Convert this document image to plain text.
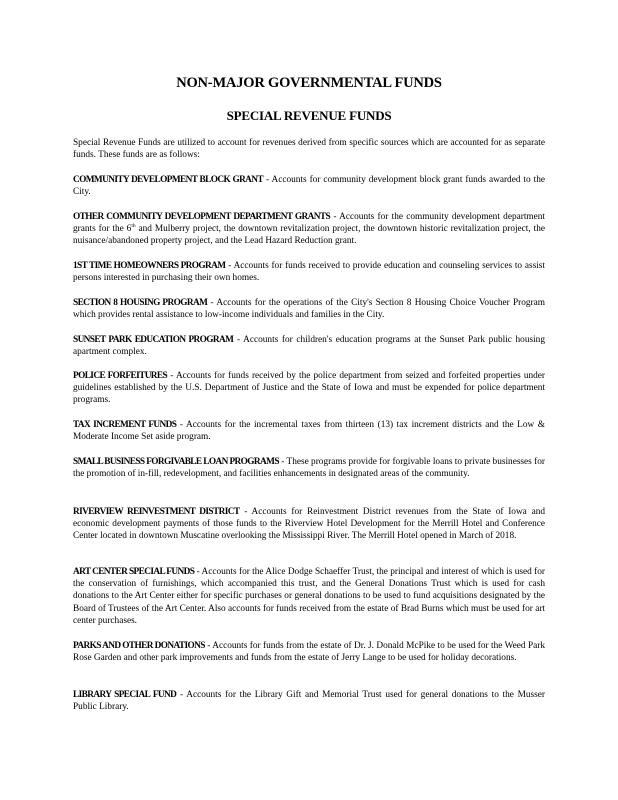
NON-MAJOR GOVERNMENTAL FUNDS
SPECIAL REVENUE FUNDS

Special Revenue Funds are utilized to account for revenues derived from specific sources which are accounted for as separate funds. These funds are as follows:

COMMUNITY DEVELOPMENT BLOCK GRANT - Accounts for community development block grant funds awarded to the City.

OTHER COMMUNITY DEVELOPMENT DEPARTMENT GRANTS - Accounts for the community development department grants for the 6th and Mulberry project, the downtown revitalization project, the downtown historic revitalization project, the nuisance/abandoned property project, and the Lead Hazard Reduction grant.

1ST TIME HOMEOWNERS PROGRAM - Accounts for funds received to provide education and counseling services to assist persons interested in purchasing their own homes.

SECTION 8 HOUSING PROGRAM - Accounts for the operations of the City's Section 8 Housing Choice Voucher Program which provides rental assistance to low-income individuals and families in the City.

SUNSET PARK EDUCATION PROGRAM - Accounts for children's education programs at the Sunset Park public housing apartment complex.

POLICE FORFEITURES - Accounts for funds received by the police department from seized and forfeited properties under guidelines established by the U.S. Department of Justice and the State of Iowa and must be expended for police department programs.

TAX INCREMENT FUNDS - Accounts for the incremental taxes from thirteen (13) tax increment districts and the Low & Moderate Income Set aside program.

SMALL BUSINESS FORGIVABLE LOAN PROGRAMS - These programs provide for forgivable loans to private businesses for the promotion of in-fill, redevelopment, and facilities enhancements in designated areas of the community.

RIVERVIEW REINVESTMENT DISTRICT - Accounts for Reinvestment District revenues from the State of Iowa and economic development payments of those funds to the Riverview Hotel Development for the Merrill Hotel and Conference Center located in downtown Muscatine overlooking the Mississippi River. The Merrill Hotel opened in March of 2018.

ART CENTER SPECIAL FUNDS - Accounts for the Alice Dodge Schaeffer Trust, the principal and interest of which is used for the conservation of furnishings, which accompanied this trust, and the General Donations Trust which is used for cash donations to the Art Center either for specific purchases or general donations to be used to fund acquisitions designated by the Board of Trustees of the Art Center. Also accounts for funds received from the estate of Brad Burns which must be used for art center purchases.

PARKS AND OTHER DONATIONS - Accounts for funds from the estate of Dr. J. Donald McPike to be used for the Weed Park Rose Garden and other park improvements and funds from the estate of Jerry Lange to be used for holiday decorations.

LIBRARY SPECIAL FUND - Accounts for the Library Gift and Memorial Trust used for general donations to the Musser Public Library.
